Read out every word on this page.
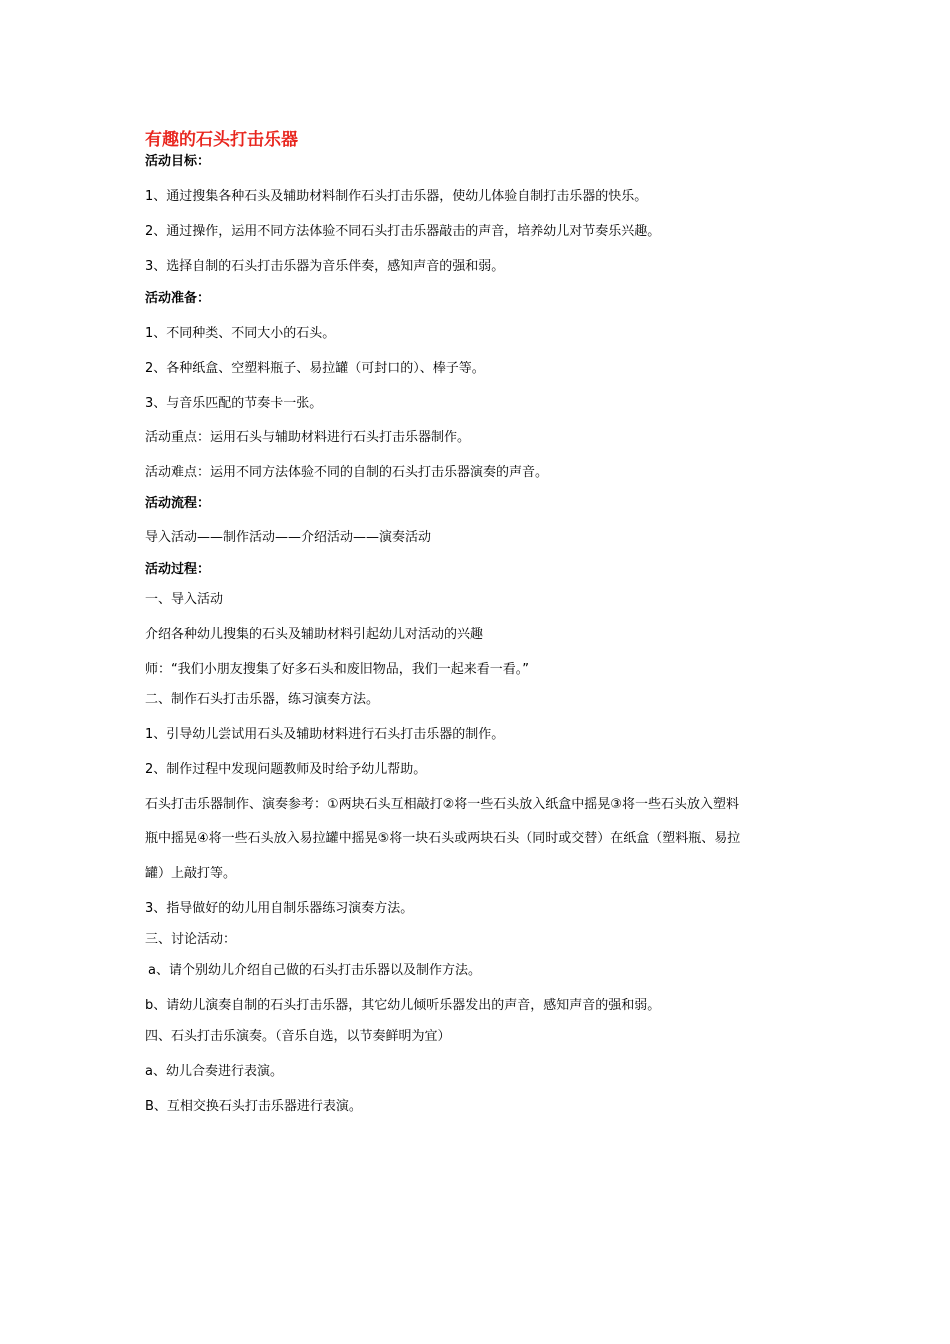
有趣的石头打击乐器
活动目标：
1、通过搜集各种石头及辅助材料制作石头打击乐器，使幼儿体验自制打击乐器的快乐。
2、通过操作，运用不同方法体验不同石头打击乐器敲击的声音，培养幼儿对节奏乐兴趣。
3、选择自制的石头打击乐器为音乐伴奏，感知声音的强和弱。
活动准备：
1、不同种类、不同大小的石头。
2、各种纸盒、空塑料瓶子、易拉罐（可封口的）、棒子等。
3、与音乐匹配的节奏卡一张。
活动重点：运用石头与辅助材料进行石头打击乐器制作。
活动难点：运用不同方法体验不同的自制的石头打击乐器演奏的声音。
活动流程：
导入活动——制作活动——介绍活动——演奏活动
活动过程：
一、导入活动
介绍各种幼儿搜集的石头及辅助材料引起幼儿对活动的兴趣
师：“我们小朋友搜集了好多石头和废旧物品，我们一起来看一看。”
二、制作石头打击乐器，练习演奏方法。
1、引导幼儿尝试用石头及辅助材料进行石头打击乐器的制作。
2、制作过程中发现问题教师及时给予幼儿帮助。
石头打击乐器制作、演奏参考：①两块石头互相敲打②将一些石头放入纸盒中摇晃③将一些石头放入塑料
瓶中摇晃④将一些石头放入易拉罐中摇晃⑤将一块石头或两块石头（同时或交替）在纸盒（塑料瓶、易拉
罐）上敲打等。
3、指导做好的幼儿用自制乐器练习演奏方法。
三、讨论活动：
a、请个别幼儿介绍自己做的石头打击乐器以及制作方法。
b、请幼儿演奏自制的石头打击乐器，其它幼儿倾听乐器发出的声音，感知声音的强和弱。
四、石头打击乐演奏。（音乐自选，以节奏鲜明为宜）
a、幼儿合奏进行表演。
B、互相交换石头打击乐器进行表演。
